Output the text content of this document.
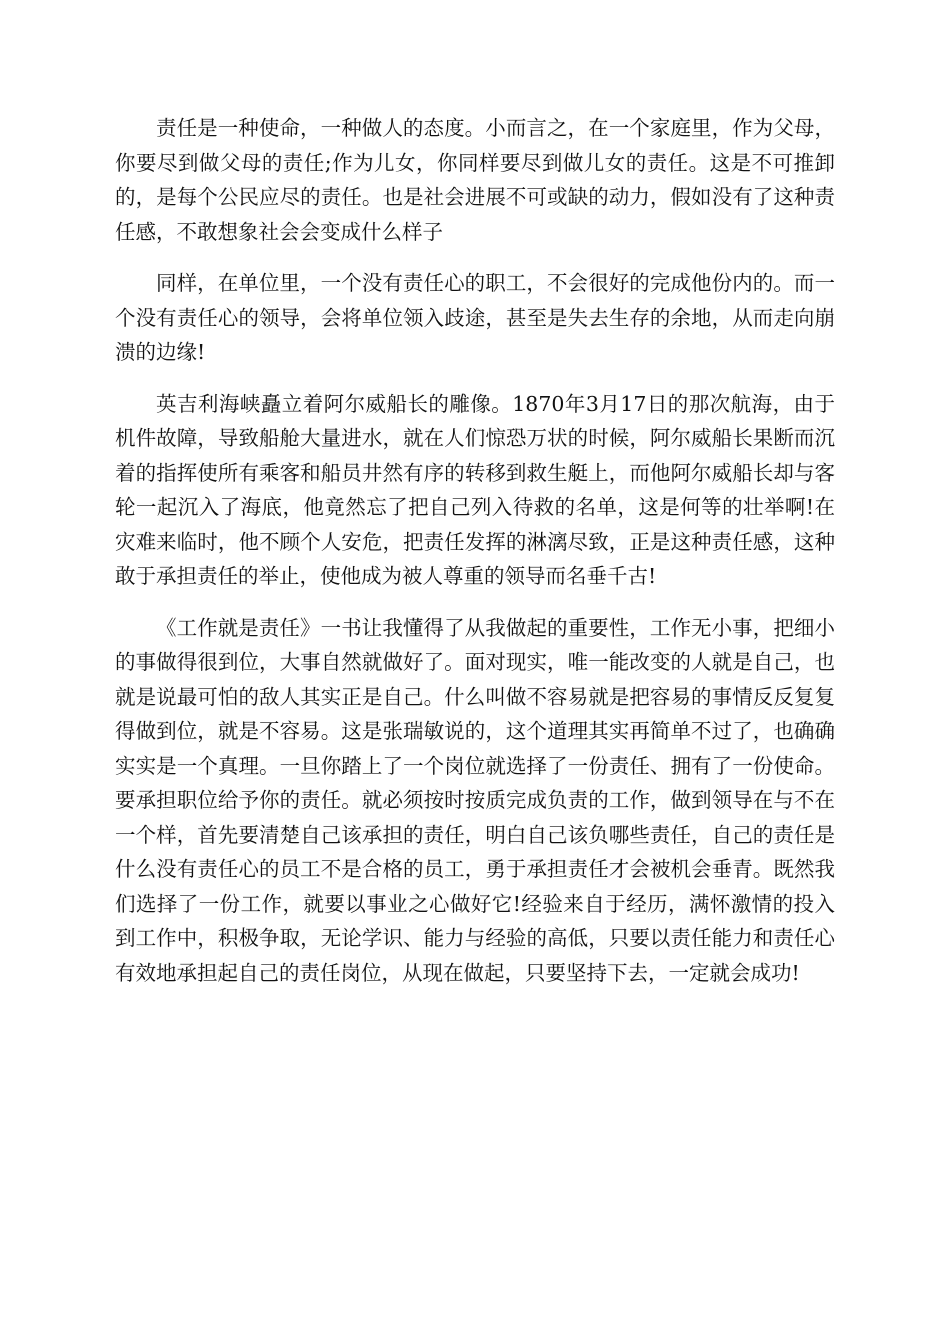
责任是一种使命，一种做人的态度。小而言之，在一个家庭里，作为父母，你要尽到做父母的责任;作为儿女，你同样要尽到做儿女的责任。这是不可推卸的，是每个公民应尽的责任。也是社会进展不可或缺的动力，假如没有了这种责任感，不敢想象社会会变成什么样子

同样，在单位里，一个没有责任心的职工，不会很好的完成他份内的。而一个没有责任心的领导，会将单位领入歧途，甚至是失去生存的余地，从而走向崩溃的边缘!

英吉利海峡矗立着阿尔威船长的雕像。1870年3月17日的那次航海，由于机件故障，导致船舱大量进水，就在人们惊恐万状的时候，阿尔威船长果断而沉着的指挥使所有乘客和船员井然有序的转移到救生艇上，而他阿尔威船长却与客轮一起沉入了海底，他竟然忘了把自己列入待救的名单，这是何等的壮举啊!在灾难来临时，他不顾个人安危，把责任发挥的淋漓尽致，正是这种责任感，这种敢于承担责任的举止，使他成为被人尊重的领导而名垂千古!

《工作就是责任》一书让我懂得了从我做起的重要性，工作无小事，把细小的事做得很到位，大事自然就做好了。面对现实，唯一能改变的人就是自己，也就是说最可怕的敌人其实正是自己。什么叫做不容易就是把容易的事情反反复复得做到位，就是不容易。这是张瑞敏说的，这个道理其实再简单不过了，也确确实实是一个真理。一旦你踏上了一个岗位就选择了一份责任、拥有了一份使命。要承担职位给予你的责任。就必须按时按质完成负责的工作，做到领导在与不在一个样，首先要清楚自己该承担的责任，明白自己该负哪些责任，自己的责任是什么没有责任心的员工不是合格的员工，勇于承担责任才会被机会垂青。既然我们选择了一份工作，就要以事业之心做好它!经验来自于经历，满怀激情的投入到工作中，积极争取，无论学识、能力与经验的高低，只要以责任能力和责任心有效地承担起自己的责任岗位，从现在做起，只要坚持下去，一定就会成功!
